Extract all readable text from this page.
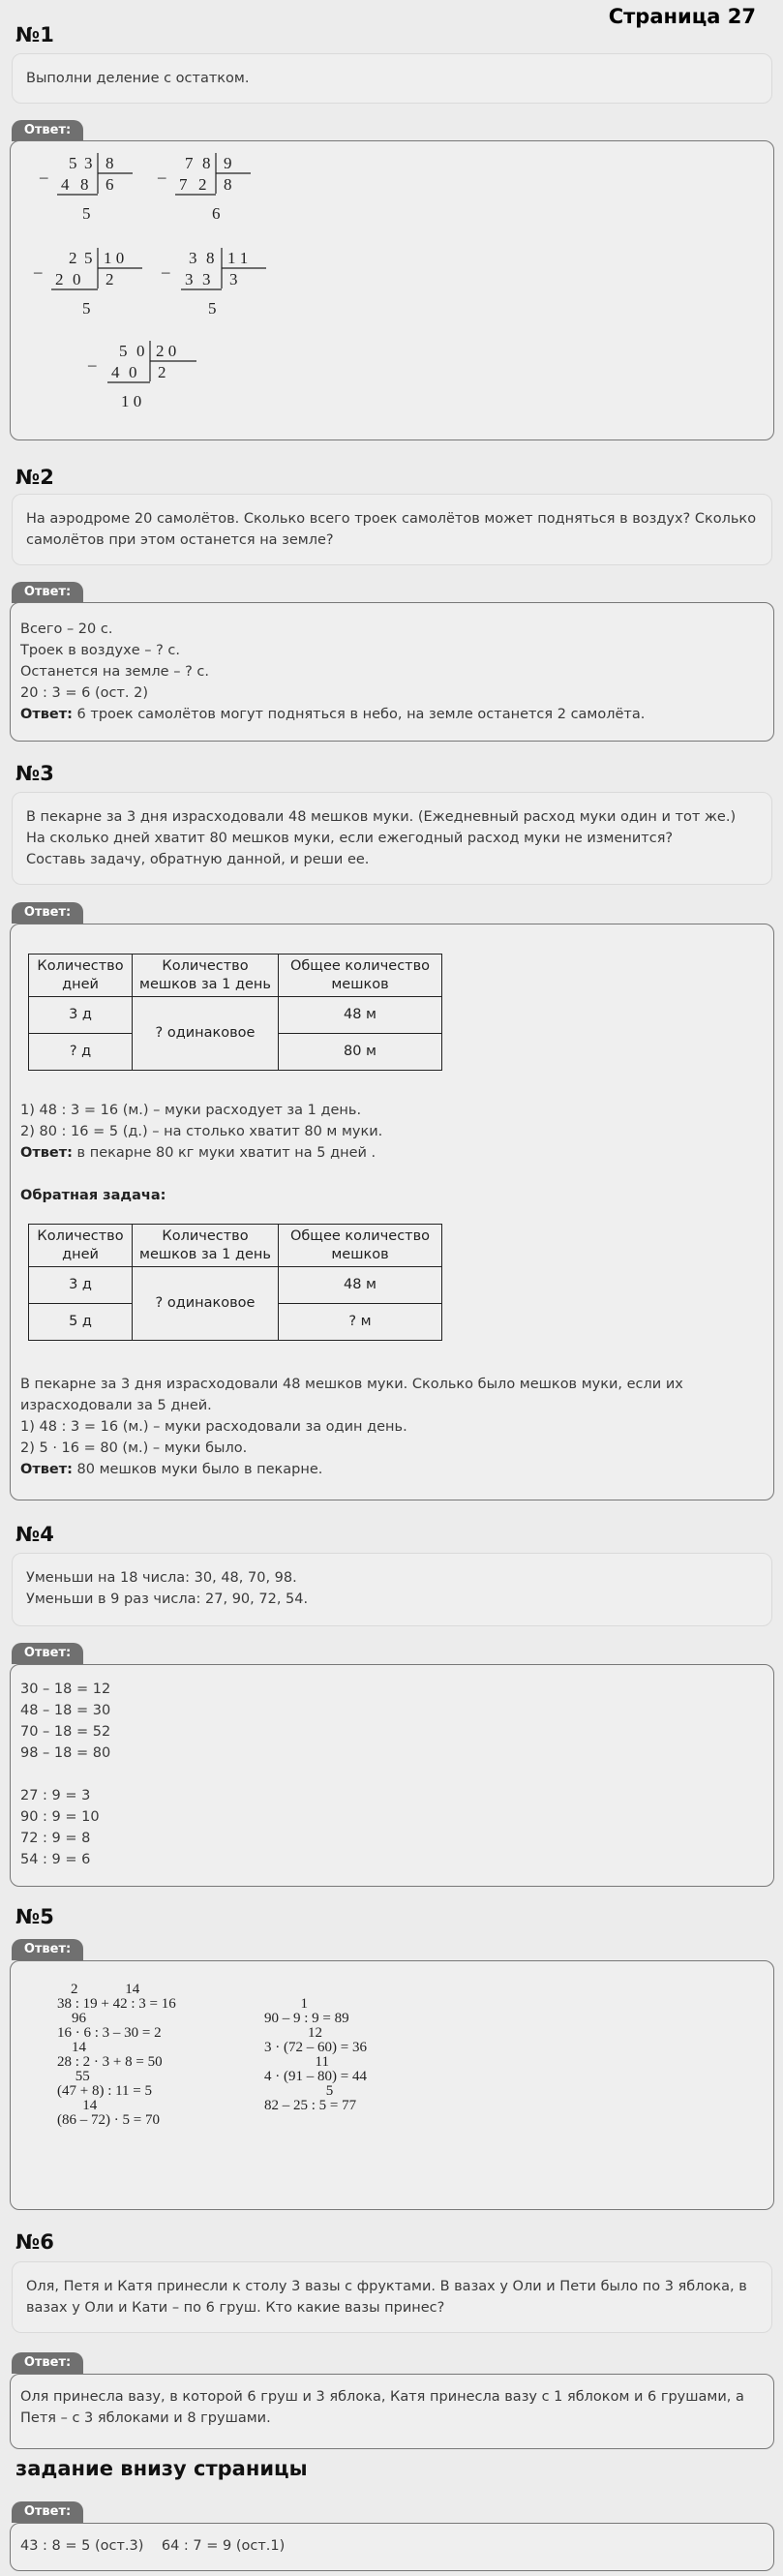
Страница 27
№1
Выполни деление с остатком.
Ответ:
–
5 3
4 8
8
6
5
–
7 8
7 2
9
8
6
–
2 5
2 0
1 0
2
5
–
3 8
3 3
1 1
3
5
–
5 0
4 0
2 0
2
1 0
№2
На аэродроме 20 самолётов. Сколько всего троек самолётов может подняться в воздух? Сколько самолётов при этом останется на земле?
Ответ:
Всего – 20 с.
Троек в воздухе – ? с.
Останется на земле – ? с.
20 : 3 = 6 (ост. 2)
Ответ: 6 троек самолётов могут подняться в небо, на земле останется 2 самолёта.
№3
В пекарне за 3 дня израсходовали 48 мешков муки. (Ежедневный расход муки один и тот же.) На сколько дней хватит 80 мешков муки, если ежегодный расход муки не изменится?
Составь задачу, обратную данной, и реши ее.
Ответ:
Количество дней	Количество мешков за 1 день	Общее количество мешков
3 д	? одинаковое	48 м
? д		80 м
1) 48 : 3 = 16 (м.) – муки расходует за 1 день.
2) 80 : 16 = 5 (д.) – на столько хватит 80 м муки.
Ответ: в пекарне 80 кг муки хватит на 5 дней .
Обратная задача:
Количество дней	Количество мешков за 1 день	Общее количество мешков
3 д	? одинаковое	48 м
5 д		? м
В пекарне за 3 дня израсходовали 48 мешков муки. Сколько было мешков муки, если их израсходовали за 5 дней.
1) 48 : 3 = 16 (м.) – муки расходовали за один день.
2) 5 · 16 = 80 (м.) – муки было.
Ответ: 80 мешков муки было в пекарне.
№4
Уменьши на 18 числа: 30, 48, 70, 98.
Уменьши в 9 раз числа: 27, 90, 72, 54.
Ответ:
30 – 18 = 12
48 – 18 = 30
70 – 18 = 52
98 – 18 = 80
27 : 9 = 3
90 : 9 = 10
72 : 9 = 8
54 : 9 = 6
№5
Ответ:
2             14
38 : 19 + 42 : 3 = 16
96
16 · 6 : 3 – 30 = 2
14
28 : 2 · 3 + 8 = 50
55
(47 + 8) : 11 = 5
14
(86 – 72) · 5 = 70
1
90 – 9 : 9 = 89
12
3 · (72 – 60) = 36
11
4 · (91 – 80) = 44
5
82 – 25 : 5 = 77
№6
Оля, Петя и Катя принесли к столу 3 вазы с фруктами. В вазах у Оли и Пети было по 3 яблока, в вазах у Оли и Кати – по 6 груш. Кто какие вазы принес?
Ответ:
Оля принесла вазу, в которой 6 груш и 3 яблока, Катя принесла вазу с 1 яблоком и 6 грушами, а Петя – с 3 яблоками и 8 грушами.
задание внизу страницы
Ответ:
43 : 8 = 5 (ост.3)    64 : 7 = 9 (ост.1)
